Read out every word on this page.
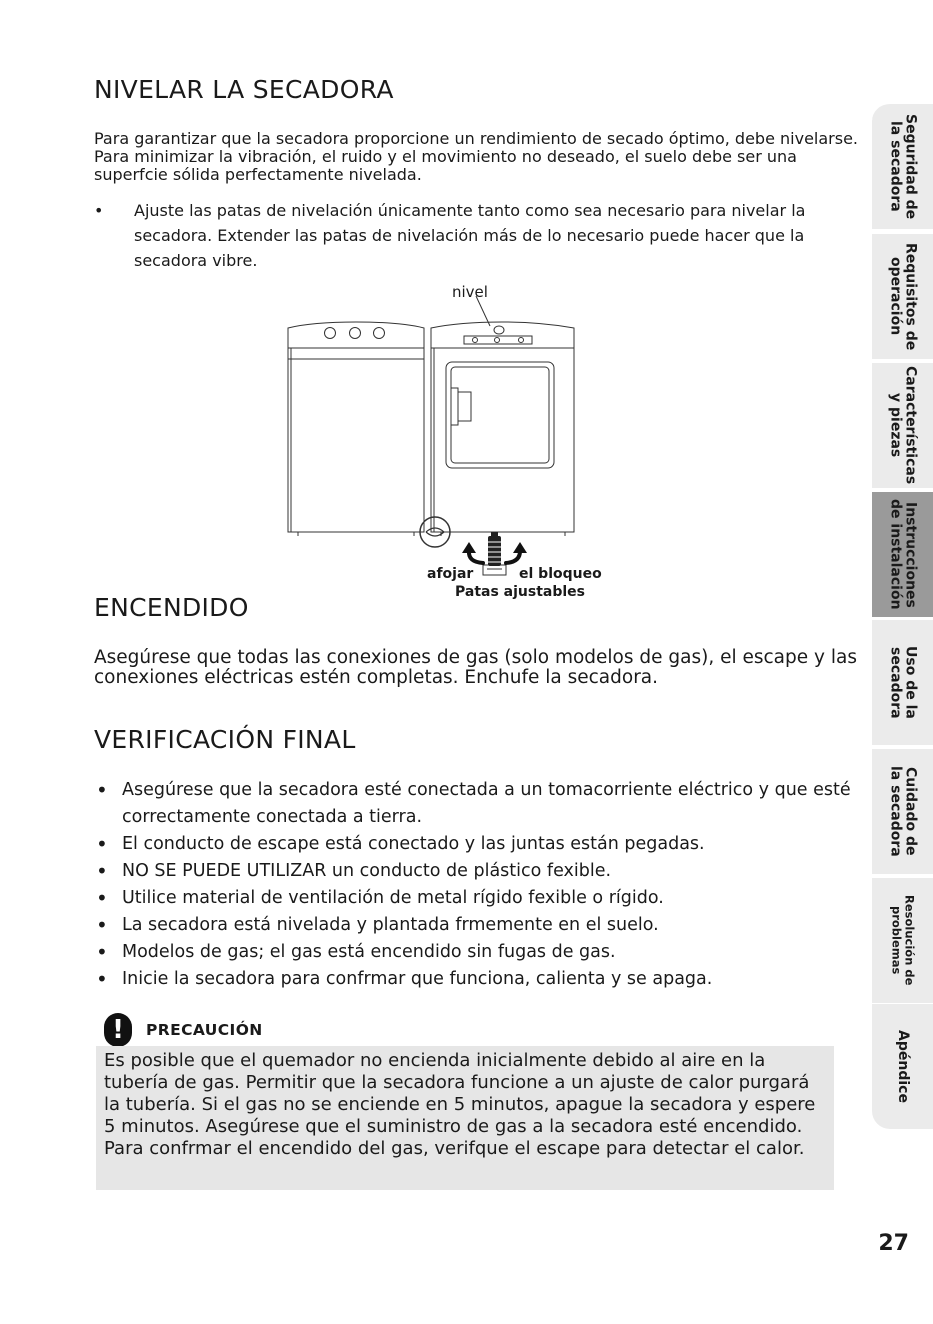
NIVELAR LA SECADORA

Para garantizar que la secadora proporcione un rendimiento de secado óptimo, debe nivelarse. Para minimizar la vibración, el ruido y el movimiento no deseado, el suelo debe ser una superfcie sólida perfectamente nivelada.

• Ajuste las patas de nivelación únicamente tanto como sea necesario para nivelar la secadora. Extender las patas de nivelación más de lo necesario puede hacer que la secadora vibre.
nivel
afojar	el bloqueo
Patas ajustables
ENCENDIDO

Asegúrese que todas las conexiones de gas (solo modelos de gas), el escape y las conexiones eléctricas estén completas. Enchufe la secadora.

VERIFICACIÓN FINAL
• Asegúrese que la secadora esté conectada a un tomacorriente eléctrico y que esté correctamente conectada a tierra.
• El conducto de escape está conectado y las juntas están pegadas.
• NO SE PUEDE UTILIZAR un conducto de plástico fexible.
• Utilice material de ventilación de metal rígido fexible o rígido.
• La secadora está nivelada y plantada frmemente en el suelo.
• Modelos de gas; el gas está encendido sin fugas de gas.
• Inicie la secadora para confrmar que funciona, calienta y se apaga.
!	PRECAUCIÓN
Es posible que el quemador no encienda inicialmente debido al aire en la tubería de gas. Permitir que la secadora funcione a un ajuste de calor purgará la tubería. Si el gas no se enciende en 5 minutos, apague la secadora y espere 5 minutos. Asegúrese que el suministro de gas a la secadora esté encendido. Para confrmar el encendido del gas, verifque el escape para detectar el calor.
Seguridad de
la secadora
Requisitos de
operación
Características
y piezas
Instrucciones
de instalación
Uso de la
secadora
Cuidado de
la secadora
Resolución de
problemas
Apéndice
27
